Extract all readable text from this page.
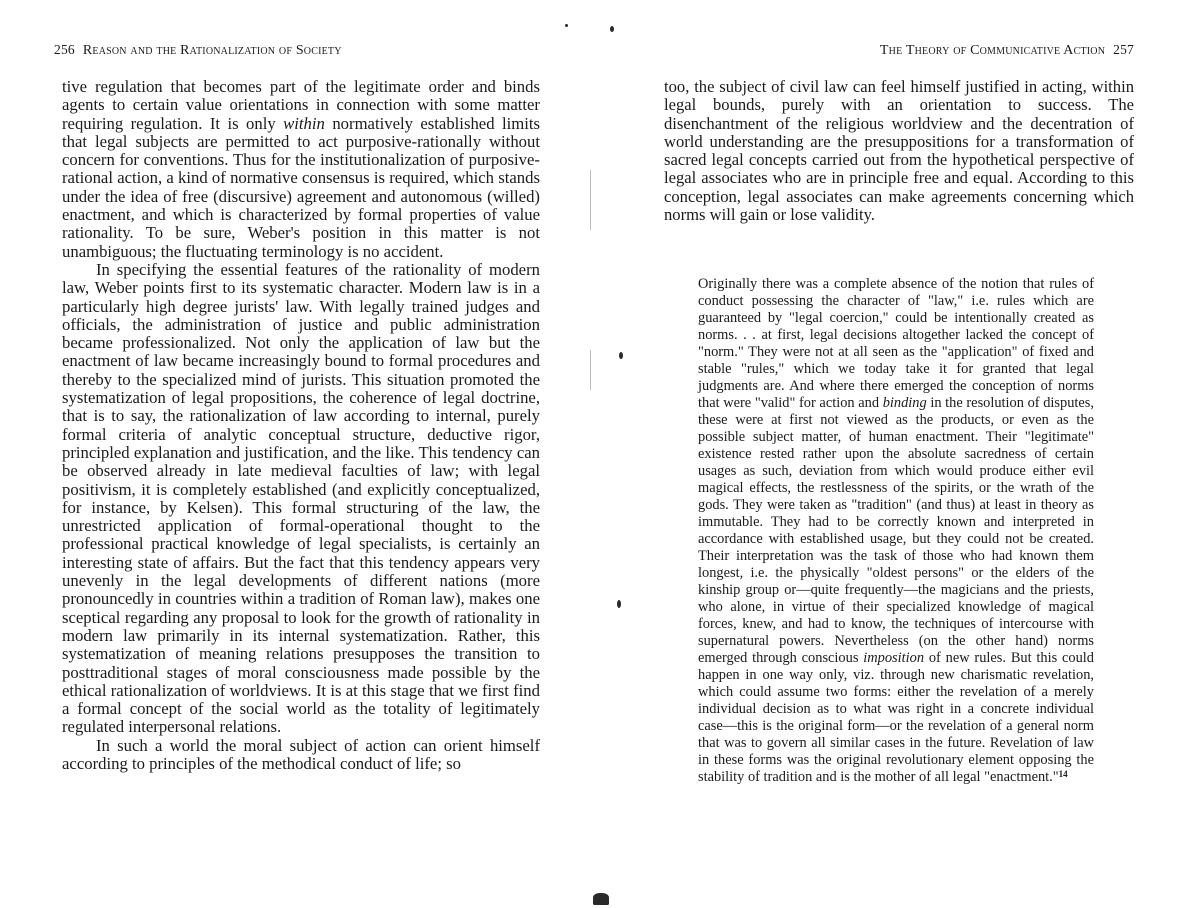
256 Reason and the Rationalization of Society

tive regulation that becomes part of the legitimate order and binds agents to certain value orientations in connection with some matter requiring regulation. It is only within normatively established limits that legal subjects are permitted to act purposive-rationally without concern for conventions. Thus for the institutionalization of purposive-rational action, a kind of normative consensus is required, which stands under the idea of free (discursive) agreement and autonomous (willed) enactment, and which is characterized by formal properties of value rationality. To be sure, Weber's position in this matter is not unambiguous; the fluctuating terminology is no accident.

In specifying the essential features of the rationality of modern law, Weber points first to its systematic character. Modern law is in a particularly high degree jurists' law. With legally trained judges and officials, the administration of justice and public administration became professionalized. Not only the application of law but the enactment of law became increasingly bound to formal procedures and thereby to the specialized mind of jurists. This situation promoted the systematization of legal propositions, the coherence of legal doctrine, that is to say, the rationalization of law according to internal, purely formal criteria of analytic conceptual structure, deductive rigor, principled explanation and justification, and the like. This tendency can be observed already in late medieval faculties of law; with legal positivism, it is completely established (and explicitly conceptualized, for instance, by Kelsen). This formal structuring of the law, the unrestricted application of formal-operational thought to the professional practical knowledge of legal specialists, is certainly an interesting state of affairs. But the fact that this tendency appears very unevenly in the legal developments of different nations (more pronouncedly in countries within a tradition of Roman law), makes one sceptical regarding any proposal to look for the growth of rationality in modern law primarily in its internal systematization. Rather, this systematization of meaning relations presupposes the transition to posttraditional stages of moral consciousness made possible by the ethical rationalization of worldviews. It is at this stage that we first find a formal concept of the social world as the totality of legitimately regulated interpersonal relations.

In such a world the moral subject of action can orient himself according to principles of the methodical conduct of life; so

The Theory of Communicative Action 257

too, the subject of civil law can feel himself justified in acting, within legal bounds, purely with an orientation to success. The disenchantment of the religious worldview and the decentration of world understanding are the presuppositions for a transformation of sacred legal concepts carried out from the hypothetical perspective of legal associates who are in principle free and equal. According to this conception, legal associates can make agreements concerning which norms will gain or lose validity.

Originally there was a complete absence of the notion that rules of conduct possessing the character of "law," i.e. rules which are guaranteed by "legal coercion," could be intentionally created as norms. . . at first, legal decisions altogether lacked the concept of "norm." They were not at all seen as the "application" of fixed and stable "rules," which we today take it for granted that legal judgments are. And where there emerged the conception of norms that were "valid" for action and binding in the resolution of disputes, these were at first not viewed as the products, or even as the possible subject matter, of human enactment. Their "legitimate" existence rested rather upon the absolute sacredness of certain usages as such, deviation from which would produce either evil magical effects, the restlessness of the spirits, or the wrath of the gods. They were taken as "tradition" (and thus) at least in theory as immutable. They had to be correctly known and interpreted in accordance with established usage, but they could not be created. Their interpretation was the task of those who had known them longest, i.e. the physically "oldest persons" or the elders of the kinship group or—quite frequently—the magicians and the priests, who alone, in virtue of their specialized knowledge of magical forces, knew, and had to know, the techniques of intercourse with supernatural powers. Nevertheless (on the other hand) norms emerged through conscious imposition of new rules. But this could happen in one way only, viz. through new charismatic revelation, which could assume two forms: either the revelation of a merely individual decision as to what was right in a concrete individual case—this is the original form—or the revelation of a general norm that was to govern all similar cases in the future. Revelation of law in these forms was the original revolutionary element opposing the stability of tradition and is the mother of all legal "enactment."$^{14}$
